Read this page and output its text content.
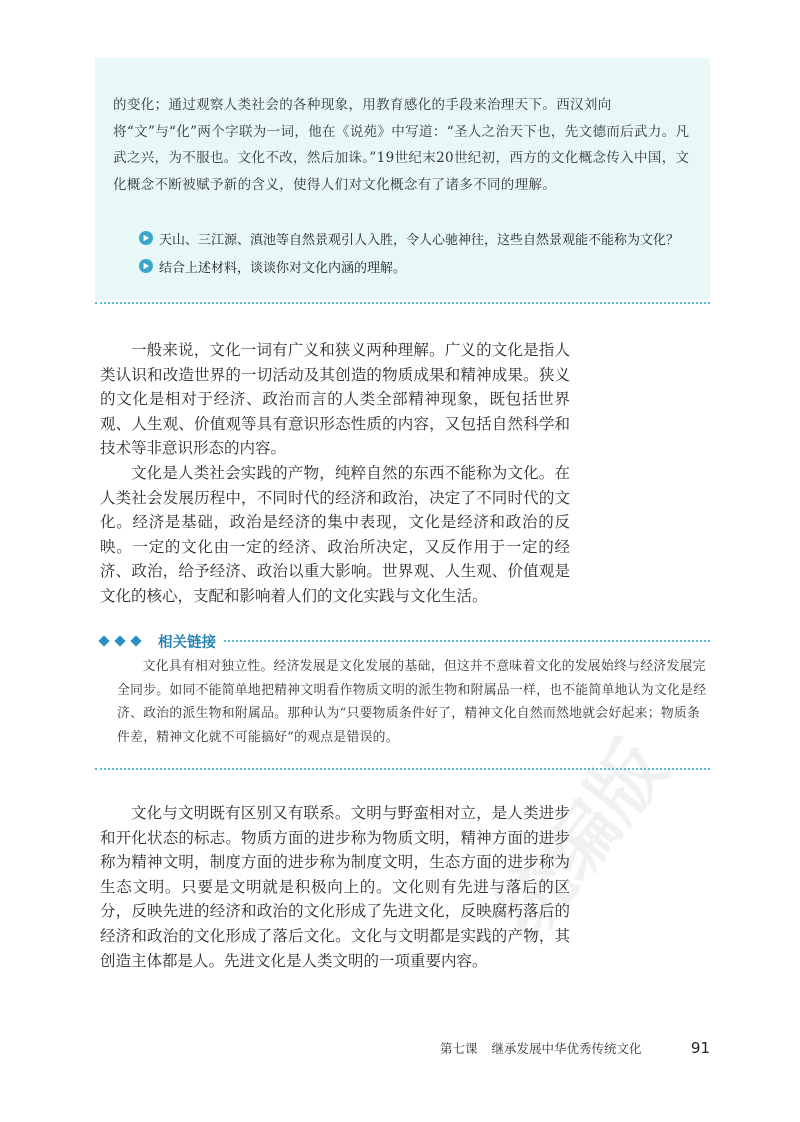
统编版

的变化；通过观察人类社会的各种现象，用教育感化的手段来治理天下。西汉刘向将“文”与“化”两个字联为一词，他在《说苑》中写道：“圣人之治天下也，先文德而后武力。凡武之兴，为不服也。文化不改，然后加诛。”19世纪末20世纪初，西方的文化概念传入中国，文化概念不断被赋予新的含义，使得人们对文化概念有了诸多不同的理解。

天山、三江源、滇池等自然景观引人入胜，令人心驰神往，这些自然景观能不能称为文化？
结合上述材料，谈谈你对文化内涵的理解。

一般来说，文化一词有广义和狭义两种理解。广义的文化是指人类认识和改造世界的一切活动及其创造的物质成果和精神成果。狭义的文化是相对于经济、政治而言的人类全部精神现象，既包括世界观、人生观、价值观等具有意识形态性质的内容，又包括自然科学和技术等非意识形态的内容。

文化是人类社会实践的产物，纯粹自然的东西不能称为文化。在人类社会发展历程中，不同时代的经济和政治，决定了不同时代的文化。经济是基础，政治是经济的集中表现，文化是经济和政治的反映。一定的文化由一定的经济、政治所决定，又反作用于一定的经济、政治，给予经济、政治以重大影响。世界观、人生观、价值观是文化的核心，支配和影响着人们的文化实践与文化生活。

相关链接

文化具有相对独立性。经济发展是文化发展的基础，但这并不意味着文化的发展始终与经济发展完全同步。如同不能简单地把精神文明看作物质文明的派生物和附属品一样，也不能简单地认为文化是经济、政治的派生物和附属品。那种认为“只要物质条件好了，精神文化自然而然地就会好起来；物质条件差，精神文化就不可能搞好”的观点是错误的。

文化与文明既有区别又有联系。文明与野蛮相对立，是人类进步和开化状态的标志。物质方面的进步称为物质文明，精神方面的进步称为精神文明，制度方面的进步称为制度文明，生态方面的进步称为生态文明。只要是文明就是积极向上的。文化则有先进与落后的区分，反映先进的经济和政治的文化形成了先进文化，反映腐朽落后的经济和政治的文化形成了落后文化。文化与文明都是实践的产物，其创造主体都是人。先进文化是人类文明的一项重要内容。

第七课 继承发展中华优秀传统文化	91
